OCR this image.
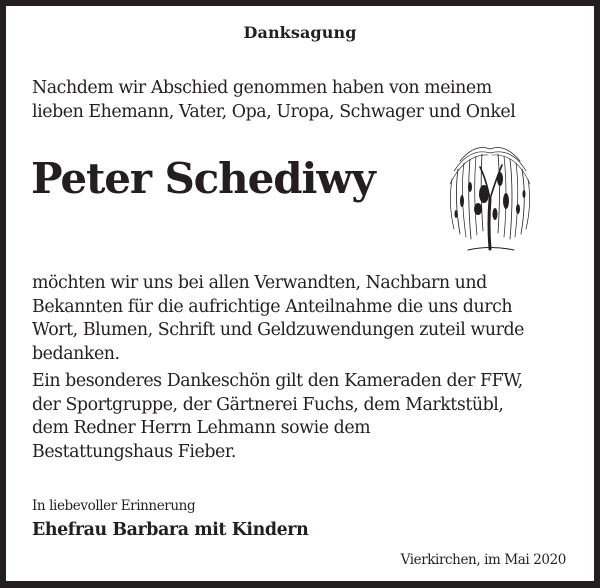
Danksagung
Nachdem wir Abschied genommen haben von meinem
lieben Ehemann, Vater, Opa, Uropa, Schwager und Onkel
Peter Schediwy
möchten wir uns bei allen Verwandten, Nachbarn und
Bekannten für die aufrichtige Anteilnahme die uns durch
Wort, Blumen, Schrift und Geldzuwendungen zuteil wurde
bedanken.
Ein besonderes Dankeschön gilt den Kameraden der FFW,
der Sportgruppe, der Gärtnerei Fuchs, dem Marktstübl,
dem Redner Herrn Lehmann sowie dem
Bestattungshaus Fieber.
In liebevoller Erinnerung
Ehefrau Barbara mit Kindern
Vierkirchen, im Mai 2020
